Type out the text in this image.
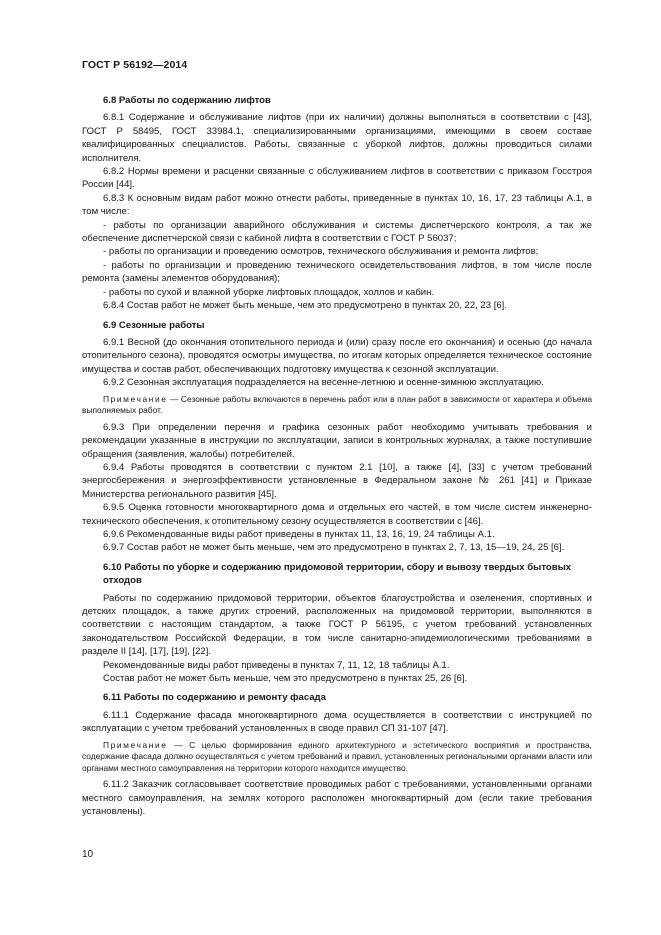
ГОСТ Р 56192—2014
6.8 Работы по содержанию лифтов

6.8.1 Содержание и обслуживание лифтов (при их наличии) должны выполняться в соответствии с [43], ГОСТ Р 58495, ГОСТ 33984.1, специализированными организациями, имеющими в своем составе квалифицированных специалистов. Работы, связанные с уборкой лифтов, должны проводиться силами исполнителя.

6.8.2 Нормы времени и расценки связанные с обслуживанием лифтов в соответствии с приказом Госстроя России [44].

6.8.3 К основным видам работ можно отнести работы, приведенные в пунктах 10, 16, 17, 23 таблицы А.1, в том числе:

- работы по организации аварийного обслуживания и системы диспетчерского контроля, а так же обеспечение диспетчерской связи с кабиной лифта в соответствии с ГОСТ Р 56037;

- работы по организации и проведению осмотров, технического обслуживания и ремонта лифтов;

- работы по организации и проведению технического освидетельствования лифтов, в том числе после ремонта (замены элементов оборудования);

- работы по сухой и влажной уборке лифтовых площадок, холлов и кабин.

6.8.4 Состав работ не может быть меньше, чем это предусмотрено в пунктах 20, 22, 23 [6].

6.9 Сезонные работы

6.9.1 Весной (до окончания отопительного периода и (или) сразу после его окончания) и осенью (до начала отопительного сезона), проводятся осмотры имущества, по итогам которых определяется техническое состояние имущества и состав работ, обеспечивающих подготовку имущества к сезонной эксплуатации.

6.9.2 Сезонная эксплуатация подразделяется на весенне-летнюю и осенне-зимнюю эксплуатацию.

Примечание — Сезонные работы включаются в перечень работ или в план работ в зависимости от характера и объема выполняемых работ.

6.9.3 При определении перечня и графика сезонных работ необходимо учитывать требования и рекомендации указанные в инструкции по эксплуатации, записи в контрольных журналах, а также поступившие обращения (заявления, жалобы) потребителей.

6.9.4 Работы проводятся в соответствии с пунктом 2.1 [10], а также [4], [33] с учетом требований энергосбережения и энергоэффективности установленные в Федеральном законе № 261 [41] и Приказе Министерства регионального развития [45].

6.9.5 Оценка готовности многоквартирного дома и отдельных его частей, в том числе систем инженерно-технического обеспечения, к отопительному сезону осуществляется в соответствии с [46].

6.9.6 Рекомендованные виды работ приведены в пунктах 11, 13, 16, 19, 24 таблицы А.1.

6.9.7 Состав работ не может быть меньше, чем это предусмотрено в пунктах 2, 7, 13, 15—19, 24, 25 [6].

6.10 Работы по уборке и содержанию придомовой территории, сбору и вывозу твердых бытовых отходов

Работы по содержанию придомовой территории, объектов благоустройства и озеленения, спортивных и детских площадок, а также других строений, расположенных на придомовой территории, выполняются в соответствии с настоящим стандартом, а также ГОСТ Р 56195, с учетом требований установленных законодательством Российской Федерации, в том числе санитарно-эпидемиологическими требованиями в разделе II [14], [17], [19], [22].

Рекомендованные виды работ приведены в пунктах 7, 11, 12, 18 таблицы А.1.

Состав работ не может быть меньше, чем это предусмотрено в пунктах 25, 26 [6].

6.11 Работы по содержанию и ремонту фасада

6.11.1 Содержание фасада многоквартирного дома осуществляется в соответствии с инструкцией по эксплуатации с учетом требований установленных в своде правил СП 31-107 [47].

Примечание — С целью формирования единого архитектурного и эстетического восприятия и пространства, содержание фасада должно осуществляться с учетом требований и правил, установленных региональными органами власти или органами местного самоуправления на территории которого находится имущество.

6.11.2 Заказчик согласовывает соответствие проводимых работ с требованиями, установленными органами местного самоуправления, на землях которого расположен многоквартирный дом (если такие требования установлены).

10
